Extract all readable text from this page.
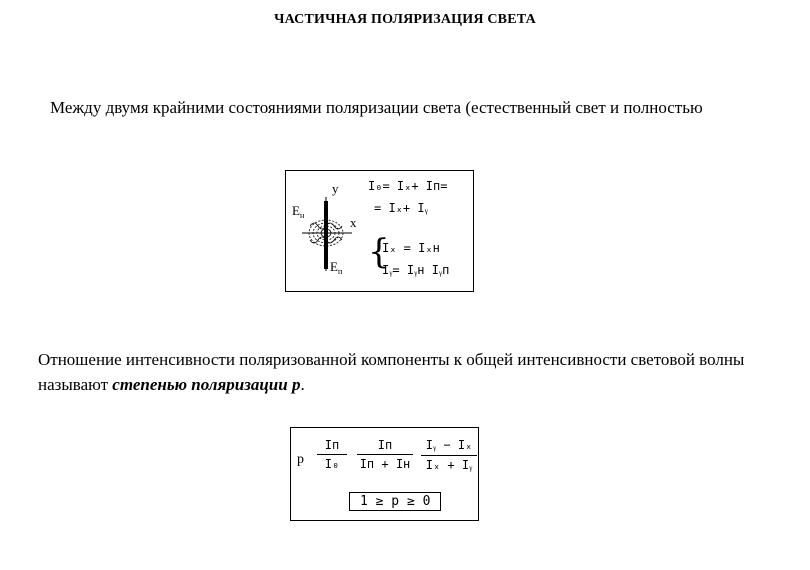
ЧАСТИЧНАЯ ПОЛЯРИЗАЦИЯ СВЕТА
Между двумя крайними состояниями поляризации света (естественный свет и полностью
y
x
$E_н$
$E_п$
I₀= Iₓ+ Iп=
= Iₓ+ Iᵧ
{
Iₓ = Iₓн
Iᵧ= Iᵧн Iᵧп
Отношение интенсивности поляризованной компоненты к общей интенсивности световой волны называют степенью поляризации p.
p
Iп
I₀
Iп
Iп + Iн
Iᵧ − Iₓ
Iₓ + Iᵧ
1 ≥ p ≥ 0
